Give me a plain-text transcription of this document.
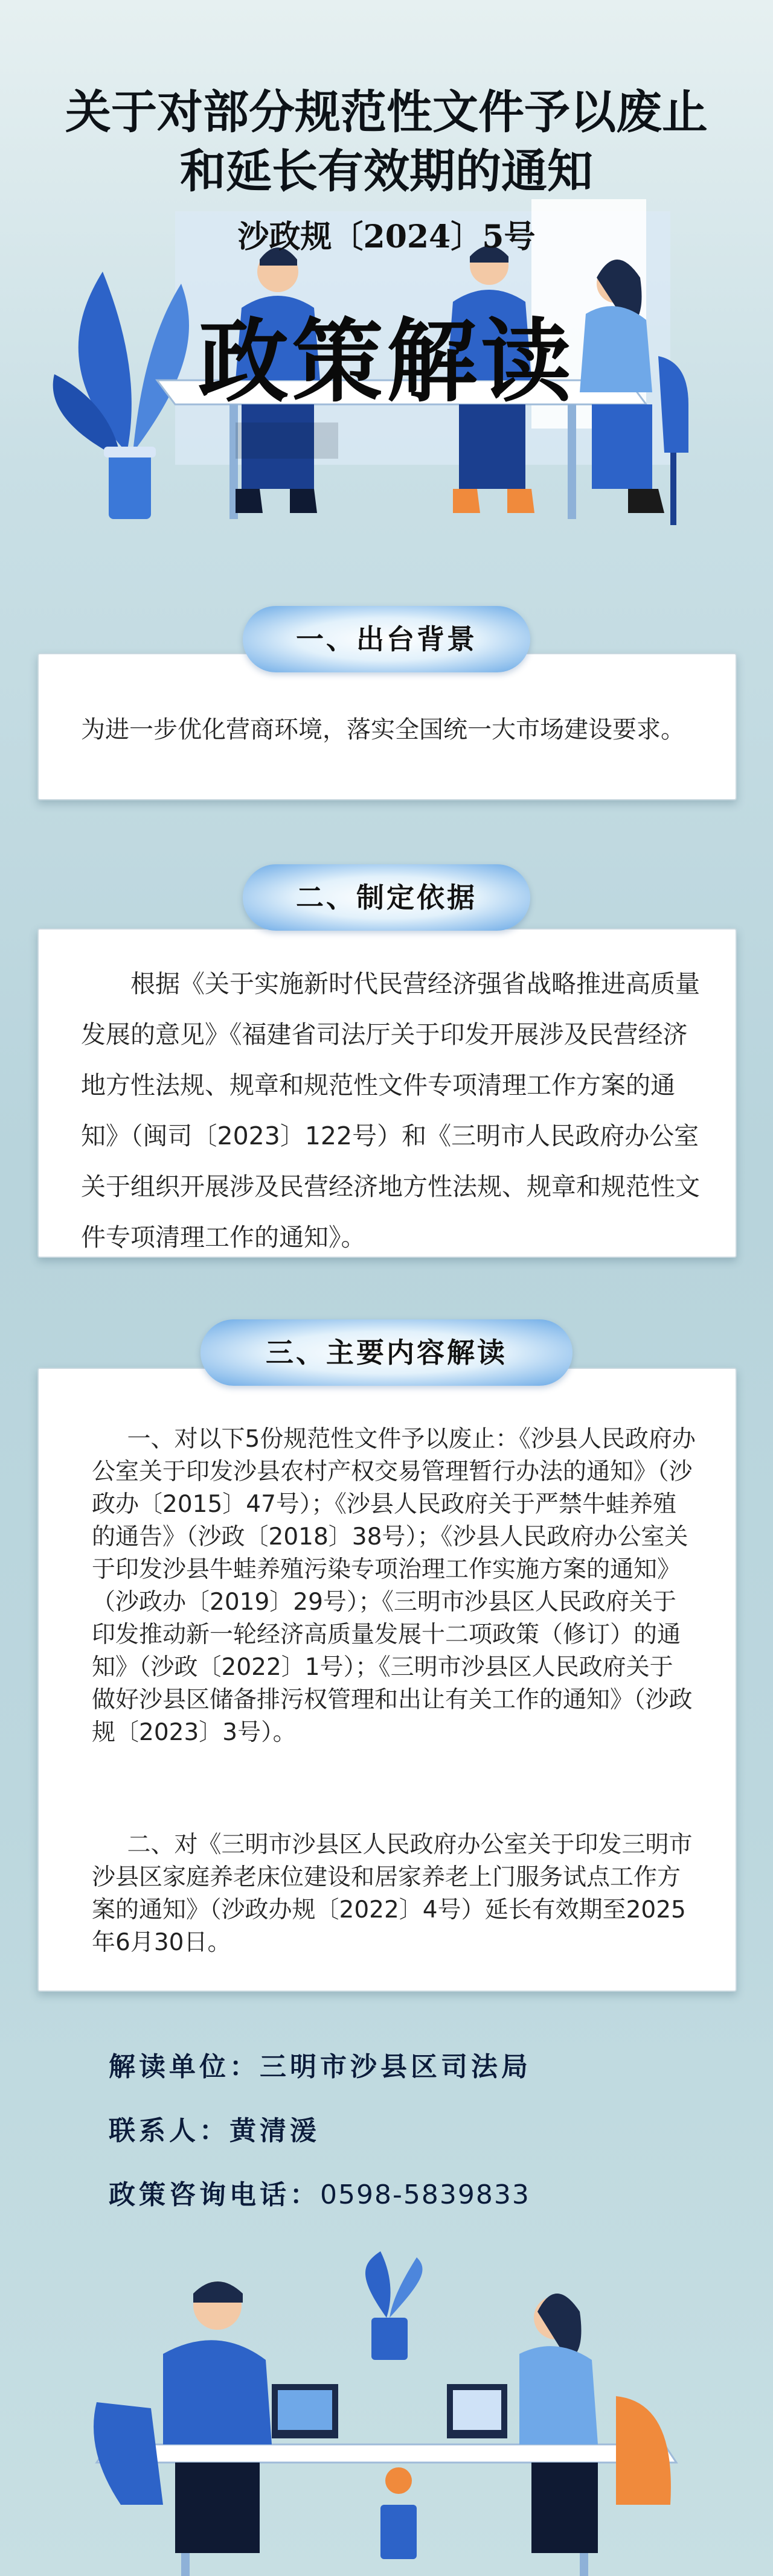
关于对部分规范性文件予以废止
和延长有效期的通知
沙政规〔2024〕5号
政策解读
为进一步优化营商环境，落实全国统一大市场建设要求。
一、出台背景
根据《关于实施新时代民营经济强省战略推进高质量发展的意见》《福建省司法厅关于印发开展涉及民营经济地方性法规、规章和规范性文件专项清理工作方案的通知》（闽司〔2023〕122号）和《三明市人民政府办公室关于组织开展涉及民营经济地方性法规、规章和规范性文件专项清理工作的通知》。
二、制定依据
一、对以下5份规范性文件予以废止：《沙县人民政府办公室关于印发沙县农村产权交易管理暂行办法的通知》（沙政办〔2015〕47号）；《沙县人民政府关于严禁牛蛙养殖的通告》（沙政〔2018〕38号）；《沙县人民政府办公室关于印发沙县牛蛙养殖污染专项治理工作实施方案的通知》（沙政办〔2019〕29号）；《三明市沙县区人民政府关于印发推动新一轮经济高质量发展十二项政策（修订）的通知》（沙政〔2022〕1号）；《三明市沙县区人民政府关于做好沙县区储备排污权管理和出让有关工作的通知》（沙政规〔2023〕3号）。
二、对《三明市沙县区人民政府办公室关于印发三明市沙县区家庭养老床位建设和居家养老上门服务试点工作方案的通知》（沙政办规〔2022〕4号）延长有效期至2025年6月30日。
三、主要内容解读
解读单位：三明市沙县区司法局
联系人：黄清湲
政策咨询电话：0598-5839833
